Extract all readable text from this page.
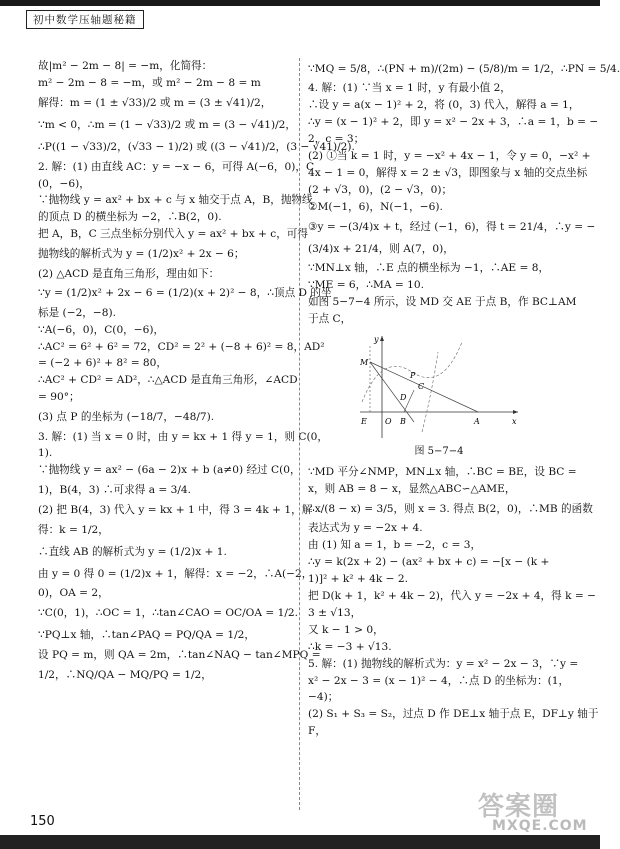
初中数学压轴题秘籍
故|m² − 2m − 8| = −m，化简得：
m² − 2m − 8 = −m，或 m² − 2m − 8 = m
解得：m = (1 ± √33)/2 或 m = (3 ± √41)/2，
∵m < 0，∴m = (1 − √33)/2 或 m = (3 − √41)/2，
∴P((1 − √33)/2，(√33 − 1)/2) 或 ((3 − √41)/2，(3 − √41)/2).
2. 解：(1) 由直线 AC：y = −x − 6，可得 A(−6，0)，C
(0，−6)，
∵抛物线 y = ax² + bx + c 与 x 轴交于点 A，B，抛物线
的顶点 D 的横坐标为 −2，∴B(2，0).
把 A，B，C 三点坐标分别代入 y = ax² + bx + c，可得
抛物线的解析式为 y = (1/2)x² + 2x − 6；
(2) △ACD 是直角三角形，理由如下：
∵y = (1/2)x² + 2x − 6 = (1/2)(x + 2)² − 8，∴顶点 D 的坐
标是 (−2，−8).
∵A(−6，0)，C(0，−6)，
∴AC² = 6² + 6² = 72，CD² = 2² + (−8 + 6)² = 8，AD²
= (−2 + 6)² + 8² = 80，
∴AC² + CD² = AD²，∴△ACD 是直角三角形，∠ACD
= 90°；
(3) 点 P 的坐标为 (−18/7，−48/7).
3. 解：(1) 当 x = 0 时，由 y = kx + 1 得 y = 1，则 C(0，
1).
∵抛物线 y = ax² − (6a − 2)x + b (a≠0) 经过 C(0，
1)，B(4，3) ∴可求得 a = 3/4.
(2) 把 B(4，3) 代入 y = kx + 1 中，得 3 = 4k + 1，解
得：k = 1/2，
∴直线 AB 的解析式为 y = (1/2)x + 1.
由 y = 0 得 0 = (1/2)x + 1，解得：x = −2，∴A(−2，
0)，OA = 2，
∵C(0，1)，∴OC = 1，∴tan∠CAO = OC/OA = 1/2.
∵PQ⊥x 轴，∴tan∠PAQ = PQ/QA = 1/2，
设 PQ = m，则 QA = 2m，∴tan∠NAQ − tan∠MPQ =
1/2，∴NQ/QA − MQ/PQ = 1/2，
∵MQ = 5/8，∴(PN + m)/(2m) − (5/8)/m = 1/2，∴PN = 5/4.
4. 解：(1) ∵当 x = 1 时，y 有最小值 2，
∴设 y = a(x − 1)² + 2，将 (0，3) 代入，解得 a = 1，
∴y = (x − 1)² + 2，即 y = x² − 2x + 3，∴a = 1，b = −
2，c = 3；
(2) ①当 k = 1 时，y = −x² + 4x − 1，令 y = 0，−x² +
4x − 1 = 0，解得 x = 2 ± √3，即图象与 x 轴的交点坐标
(2 + √3，0)，(2 − √3，0)；
②M(−1，6)，N(−1，−6).
③y = −(3/4)x + t，经过 (−1，6)，得 t = 21/4，∴y = −
(3/4)x + 21/4，则 A(7，0)，
∵MN⊥x 轴，∴E 点的横坐标为 −1，∴AE = 8，
∵ME = 6，∴MA = 10.
如图 5−7−4 所示，设 MD 交 AE 于点 B，作 BC⊥AM
于点 C，
y
M
P
C
D
E O B	A	x
图 5−7−4
∵MD 平分∠NMP，MN⊥x 轴，∴BC = BE，设 BC =
x，则 AB = 8 − x，显然△ABC∽△AME，
∴x/(8 − x) = 3/5，则 x = 3. 得点 B(2，0)，∴MB 的函数
表达式为 y = −2x + 4.
由 (1) 知 a = 1，b = −2，c = 3，
∴y = k(2x + 2) − (ax² + bx + c) = −[x − (k +
1)]² + k² + 4k − 2.
把 D(k + 1，k² + 4k − 2)，代入 y = −2x + 4，得 k = −
3 ± √13，
又 k − 1 > 0，
∴k = −3 + √13.
5. 解：(1) 抛物线的解析式为：y = x² − 2x − 3，∵y =
x² − 2x − 3 = (x − 1)² − 4，∴点 D 的坐标为：(1，
−4)；
(2) S₁ + S₃ = S₂，过点 D 作 DE⊥x 轴于点 E，DF⊥y 轴于
F，
150	答案圈
MXQE.COM
